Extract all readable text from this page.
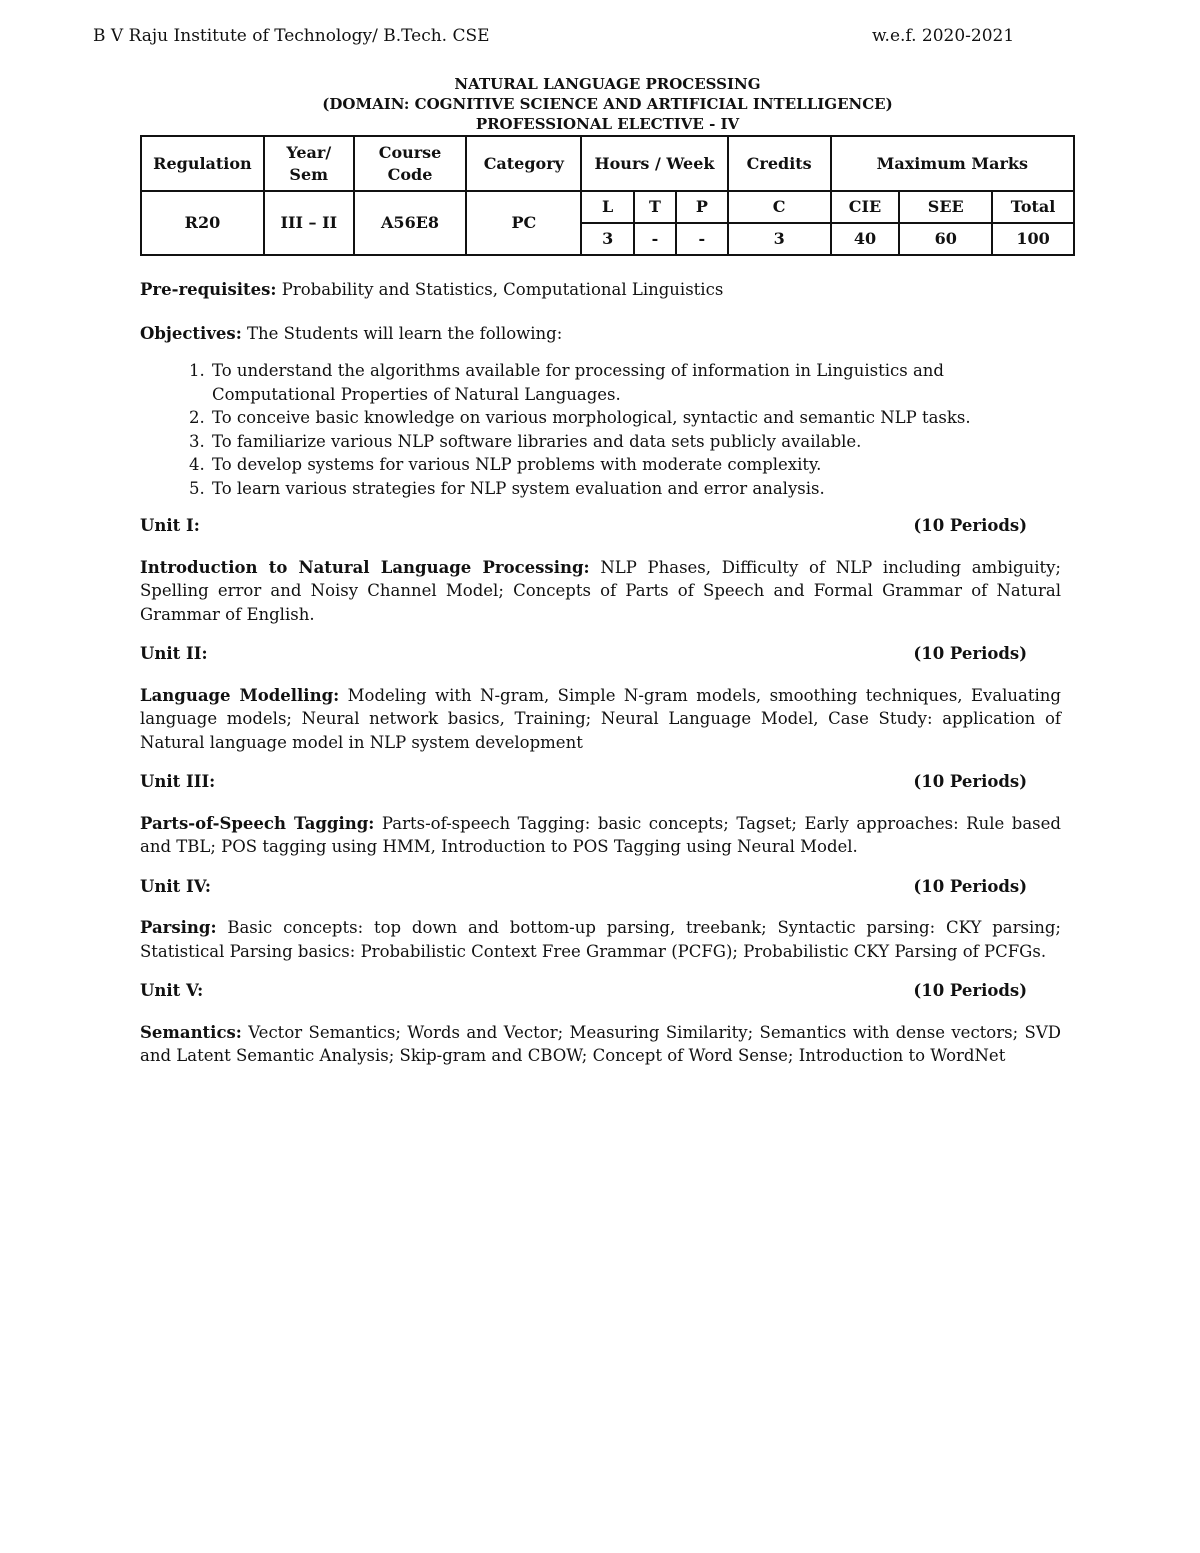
B V Raju Institute of Technology/ B.Tech. CSE	w.e.f. 2020-2021
NATURAL LANGUAGE PROCESSING
(DOMAIN: COGNITIVE SCIENCE AND ARTIFICIAL INTELLIGENCE)
PROFESSIONAL ELECTIVE - IV
Regulation	Year/ Sem	Course Code	Category	Hours / Week			Credits	Maximum Marks		
R20	III – II	A56E8	PC	L	T	P	C	CIE	SEE	Total
				3	-	-	3	40	60	100

Pre-requisites: Probability and Statistics, Computational Linguistics

Objectives: The Students will learn the following:

1. To understand the algorithms available for processing of information in Linguistics and Computational Properties of Natural Languages.
2. To conceive basic knowledge on various morphological, syntactic and semantic NLP tasks.
3. To familiarize various NLP software libraries and data sets publicly available.
4. To develop systems for various NLP problems with moderate complexity.
5. To learn various strategies for NLP system evaluation and error analysis.
Unit I:	(10 Periods)

Introduction to Natural Language Processing: NLP Phases, Difficulty of NLP including ambiguity; Spelling error and Noisy Channel Model; Concepts of Parts of Speech and Formal Grammar of Natural Grammar of English.

Unit II:	(10 Periods)

Language Modelling: Modeling with N-gram, Simple N-gram models, smoothing techniques, Evaluating language models; Neural network basics, Training; Neural Language Model, Case Study: application of Natural language model in NLP system development

Unit III:	(10 Periods)

Parts-of-Speech Tagging: Parts-of-speech Tagging: basic concepts; Tagset; Early approaches: Rule based and TBL; POS tagging using HMM, Introduction to POS Tagging using Neural Model.

Unit IV:	(10 Periods)

Parsing: Basic concepts: top down and bottom-up parsing, treebank; Syntactic parsing: CKY parsing; Statistical Parsing basics: Probabilistic Context Free Grammar (PCFG); Probabilistic CKY Parsing of PCFGs.

Unit V:	(10 Periods)

Semantics: Vector Semantics; Words and Vector; Measuring Similarity; Semantics with dense vectors; SVD and Latent Semantic Analysis; Skip-gram and CBOW; Concept of Word Sense; Introduction to WordNet
